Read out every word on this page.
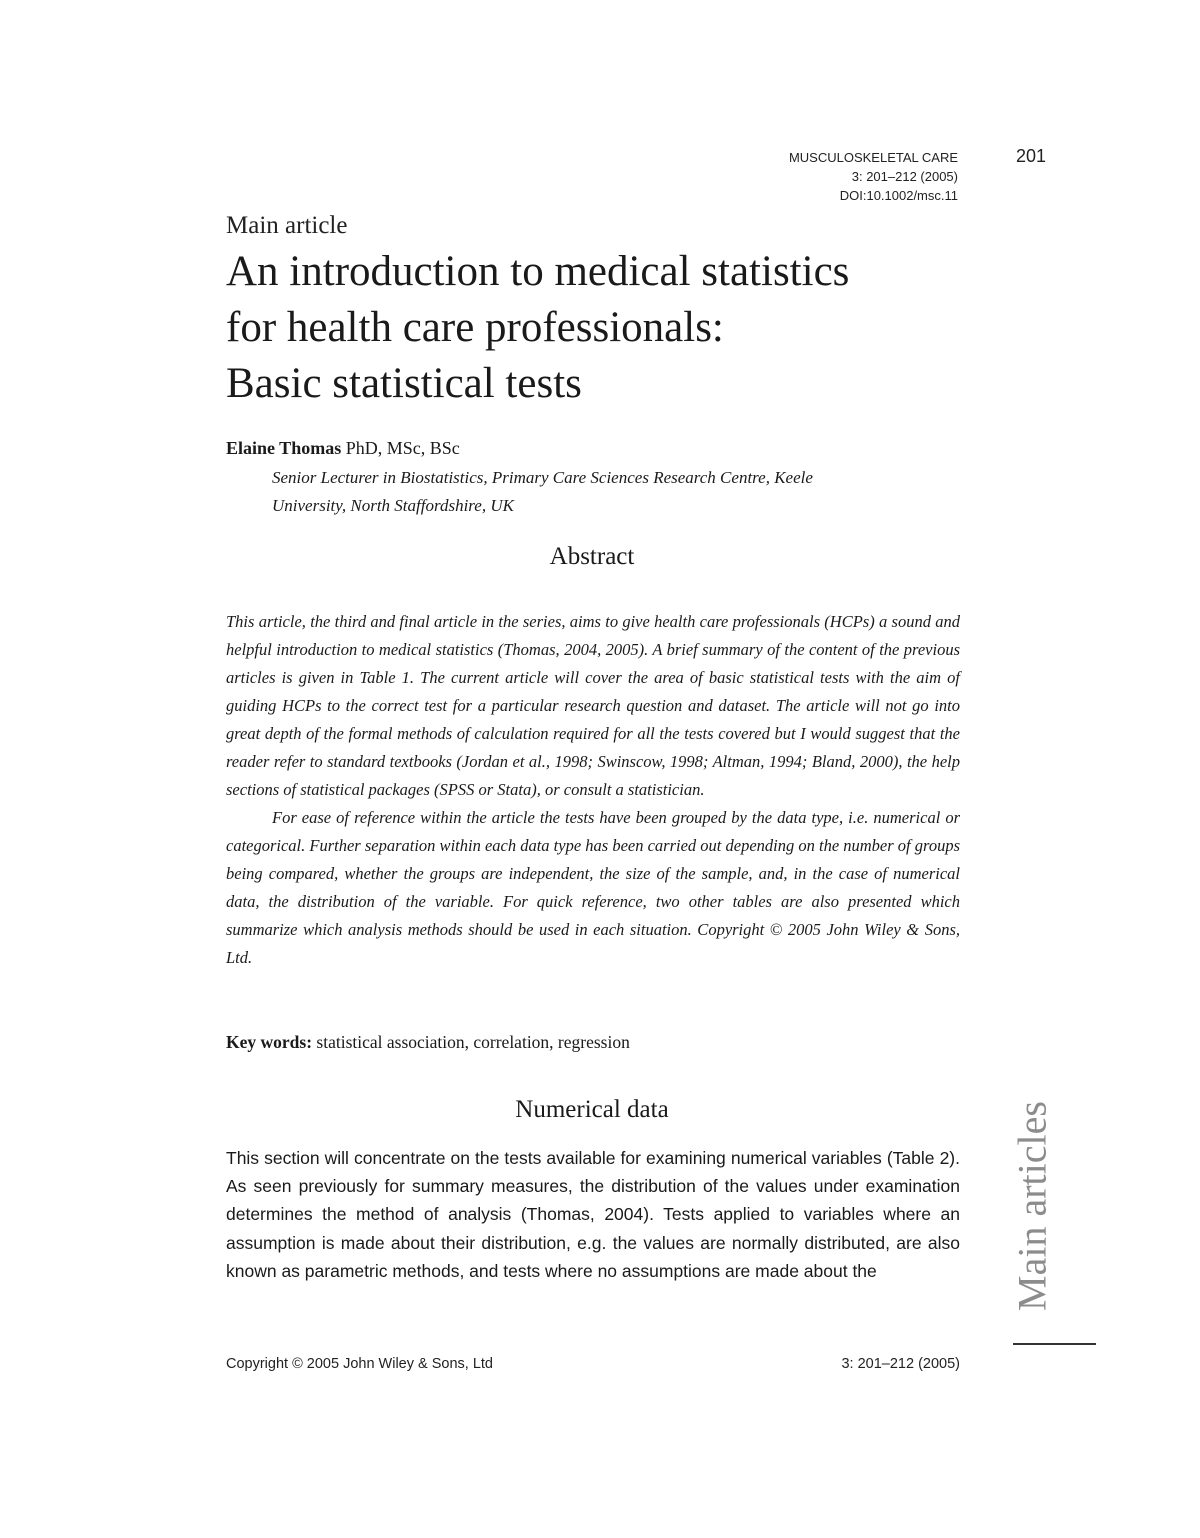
MUSCULOSKELETAL CARE
3: 201–212 (2005)
DOI:10.1002/msc.11
201
Main article
An introduction to medical statistics
for health care professionals:
Basic statistical tests
Elaine Thomas PhD, MSc, BSc
Senior Lecturer in Biostatistics, Primary Care Sciences Research Centre, Keele
University, North Staffordshire, UK
Abstract

This article, the third and final article in the series, aims to give health care professionals (HCPs) a sound and helpful introduction to medical statistics (Thomas, 2004, 2005). A brief summary of the content of the previous articles is given in Table 1. The current article will cover the area of basic statistical tests with the aim of guiding HCPs to the correct test for a particular research question and dataset. The article will not go into great depth of the formal methods of calculation required for all the tests covered but I would suggest that the reader refer to standard textbooks (Jordan et al., 1998; Swinscow, 1998; Altman, 1994; Bland, 2000), the help sections of statistical packages (SPSS or Stata), or consult a statistician.

For ease of reference within the article the tests have been grouped by the data type, i.e. numerical or categorical. Further separation within each data type has been carried out depending on the number of groups being compared, whether the groups are independent, the size of the sample, and, in the case of numerical data, the distribution of the variable. For quick reference, two other tables are also presented which summarize which analysis methods should be used in each situation. Copyright © 2005 John Wiley & Sons, Ltd.

Key words: statistical association, correlation, regression
Numerical data

This section will concentrate on the tests available for examining numerical variables (Table 2). As seen previously for summary measures, the distribution of the values under examination determines the method of analysis (Thomas, 2004). Tests applied to variables where an assumption is made about their distribution, e.g. the values are normally distributed, are also known as parametric methods, and tests where no assumptions are made about the	Main articles
Copyright © 2005 John Wiley & Sons, Ltd	3: 201–212 (2005)
